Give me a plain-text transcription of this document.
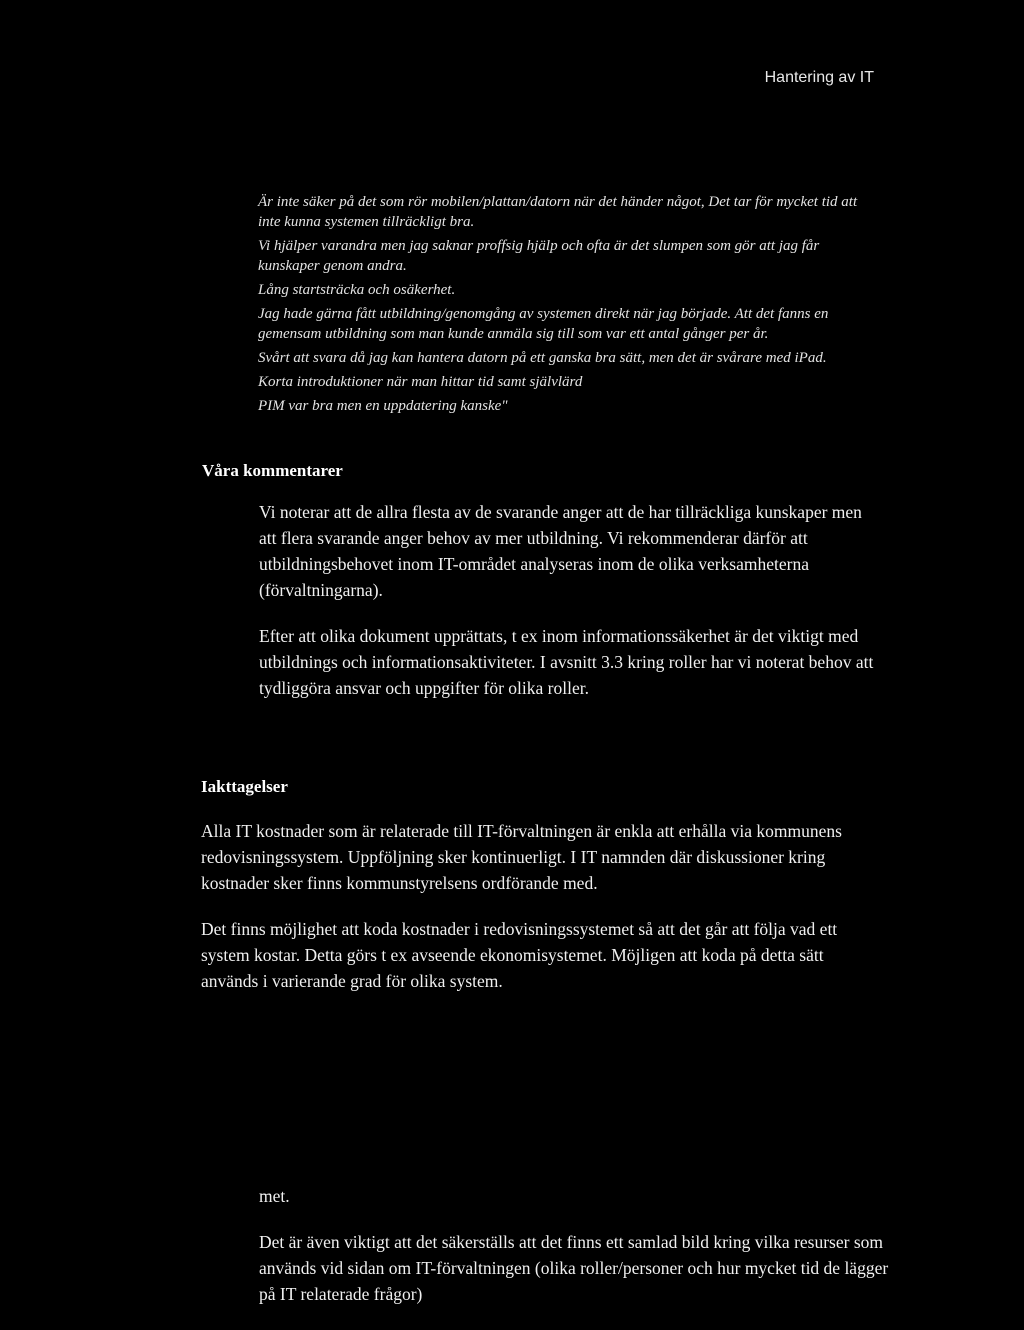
Hantering av IT

Är inte säker på det som rör mobilen/plattan/datorn när det händer något, Det tar för mycket tid att inte kunna systemen tillräckligt bra.

Vi hjälper varandra men jag saknar proffsig hjälp och ofta är det slumpen som gör att jag får kunskaper genom andra.

Lång startsträcka och osäkerhet.

Jag hade gärna fått utbildning/genomgång av systemen direkt när jag började. Att det fanns en gemensam utbildning som man kunde anmäla sig till som var ett antal gånger per år.

Svårt att svara då jag kan hantera datorn på ett ganska bra sätt, men det är svårare med iPad.

Korta introduktioner när man hittar tid samt självlärd

PIM var bra men en uppdatering kanske"

Våra kommentarer

Vi noterar att de allra flesta av de svarande anger att de har tillräckliga kunskaper men att flera svarande anger behov av mer utbildning. Vi rekommenderar därför att utbildningsbehovet inom IT-området analyseras inom de olika verksamheterna (förvaltningarna).

Efter att olika dokument upprättats, t ex inom informationssäkerhet är det viktigt med utbildnings och informationsaktiviteter. I avsnitt 3.3 kring roller har vi noterat behov att tydliggöra ansvar och uppgifter för olika roller.

Iakttagelser

Alla IT kostnader som är relaterade till IT-förvaltningen är enkla att erhålla via kommunens redovisningssystem. Uppföljning sker kontinuerligt. I IT namnden där diskussioner kring kostnader sker finns kommunstyrelsens ordförande med.

Det finns möjlighet att koda kostnader i redovisningssystemet så att det går att följa vad ett system kostar. Detta görs t ex avseende ekonomisystemet. Möjligen att koda på detta sätt används i varierande grad för olika system.

met.

Det är även viktigt att det säkerställs att det finns ett samlad bild kring vilka resurser som används vid sidan om IT-förvaltningen (olika roller/personer och hur mycket tid de lägger på IT relaterade frågor)
